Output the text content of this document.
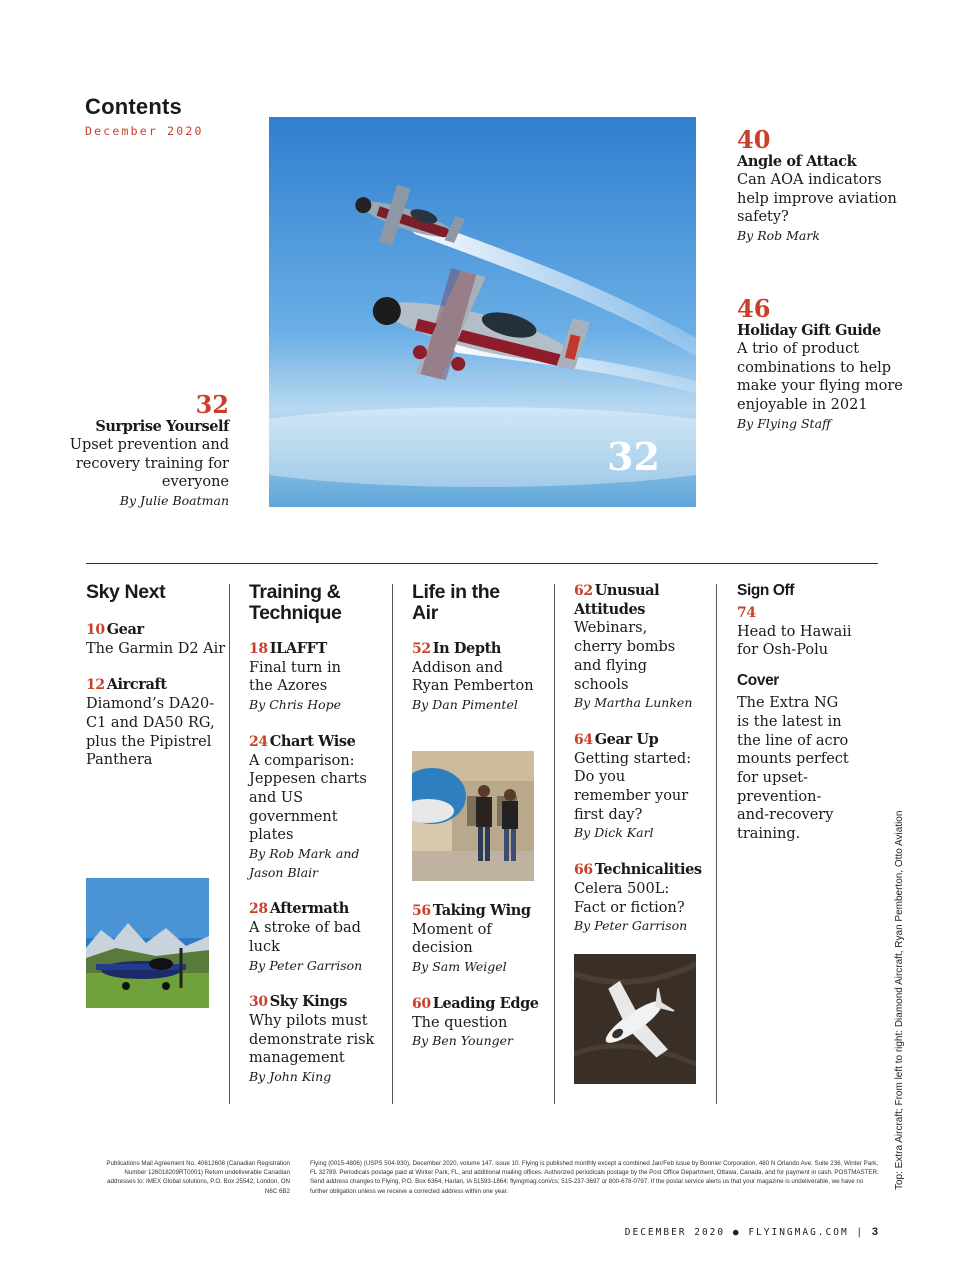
Contents
December 2020
32
32
Surprise Yourself
Upset prevention and recovery training for everyone
By Julie Boatman
40
Angle of Attack
Can AOA indicators help improve aviation safety?
By Rob Mark
46
Holiday Gift Guide
A trio of product combinations to help make your flying more enjoyable in 2021
By Flying Staff
Sky Next
10 Gear
The Garmin D2 Air
12 Aircraft
Diamond’s DA20-C1 and DA50 RG, plus the Pipistrel Panthera
Training & Technique
18 ILAFFT
Final turn in the Azores
By Chris Hope
24 Chart Wise
A comparison: Jeppesen charts and US government plates
By Rob Mark and Jason Blair
28 Aftermath
A stroke of bad luck
By Peter Garrison
30 Sky Kings
Why pilots must demonstrate risk management
By John King
Life in the Air
52 In Depth
Addison and Ryan Pemberton
By Dan Pimentel
56 Taking Wing
Moment of decision
By Sam Weigel
60 Leading Edge
The question
By Ben Younger
62 Unusual Attitudes
Webinars, cherry bombs and flying schools
By Martha Lunken
64 Gear Up
Getting started: Do you remember your first day?
By Dick Karl
66 Technicalities
Celera 500L: Fact or fiction?
By Peter Garrison
Sign Off
74
Head to Hawaii for Osh-Polu
Cover
The Extra NG is the latest in the line of acro mounts perfect for upset-prevention-and-recovery training.	Top: Extra Aircraft; From left to right: Diamond Aircraft, Ryan Pemberton, Otto Aviation
Publications Mail Agreement No. 40612608 (Canadian Registration Number 126018209RT0001) Return undeliverable Canadian addresses to: IMEX Global solutions, P.O. Box 25542, London, ON N6C 6B2
Flying (0015-4806) (USPS 504-930), December 2020, volume 147, issue 10. Flying is published monthly except a combined Jan/Feb issue by Bonnier Corporation, 480 N Orlando Ave, Suite 236, Winter Park, FL 32789. Periodicals postage paid at Winter Park, FL, and additional mailing offices. Authorized periodicals postage by the Post Office Department, Ottawa, Canada, and for payment in cash. POSTMASTER: Send address changes to Flying, P.O. Box 6364, Harlan, IA 51593-1864; flyingmag.com/cs; 515-237-3697 or 800-678-0797. If the postal service alerts us that your magazine is undeliverable, we have no further obligation unless we receive a corrected address within one year.
DECEMBER 2020 ● FLYINGMAG.COM | 3
